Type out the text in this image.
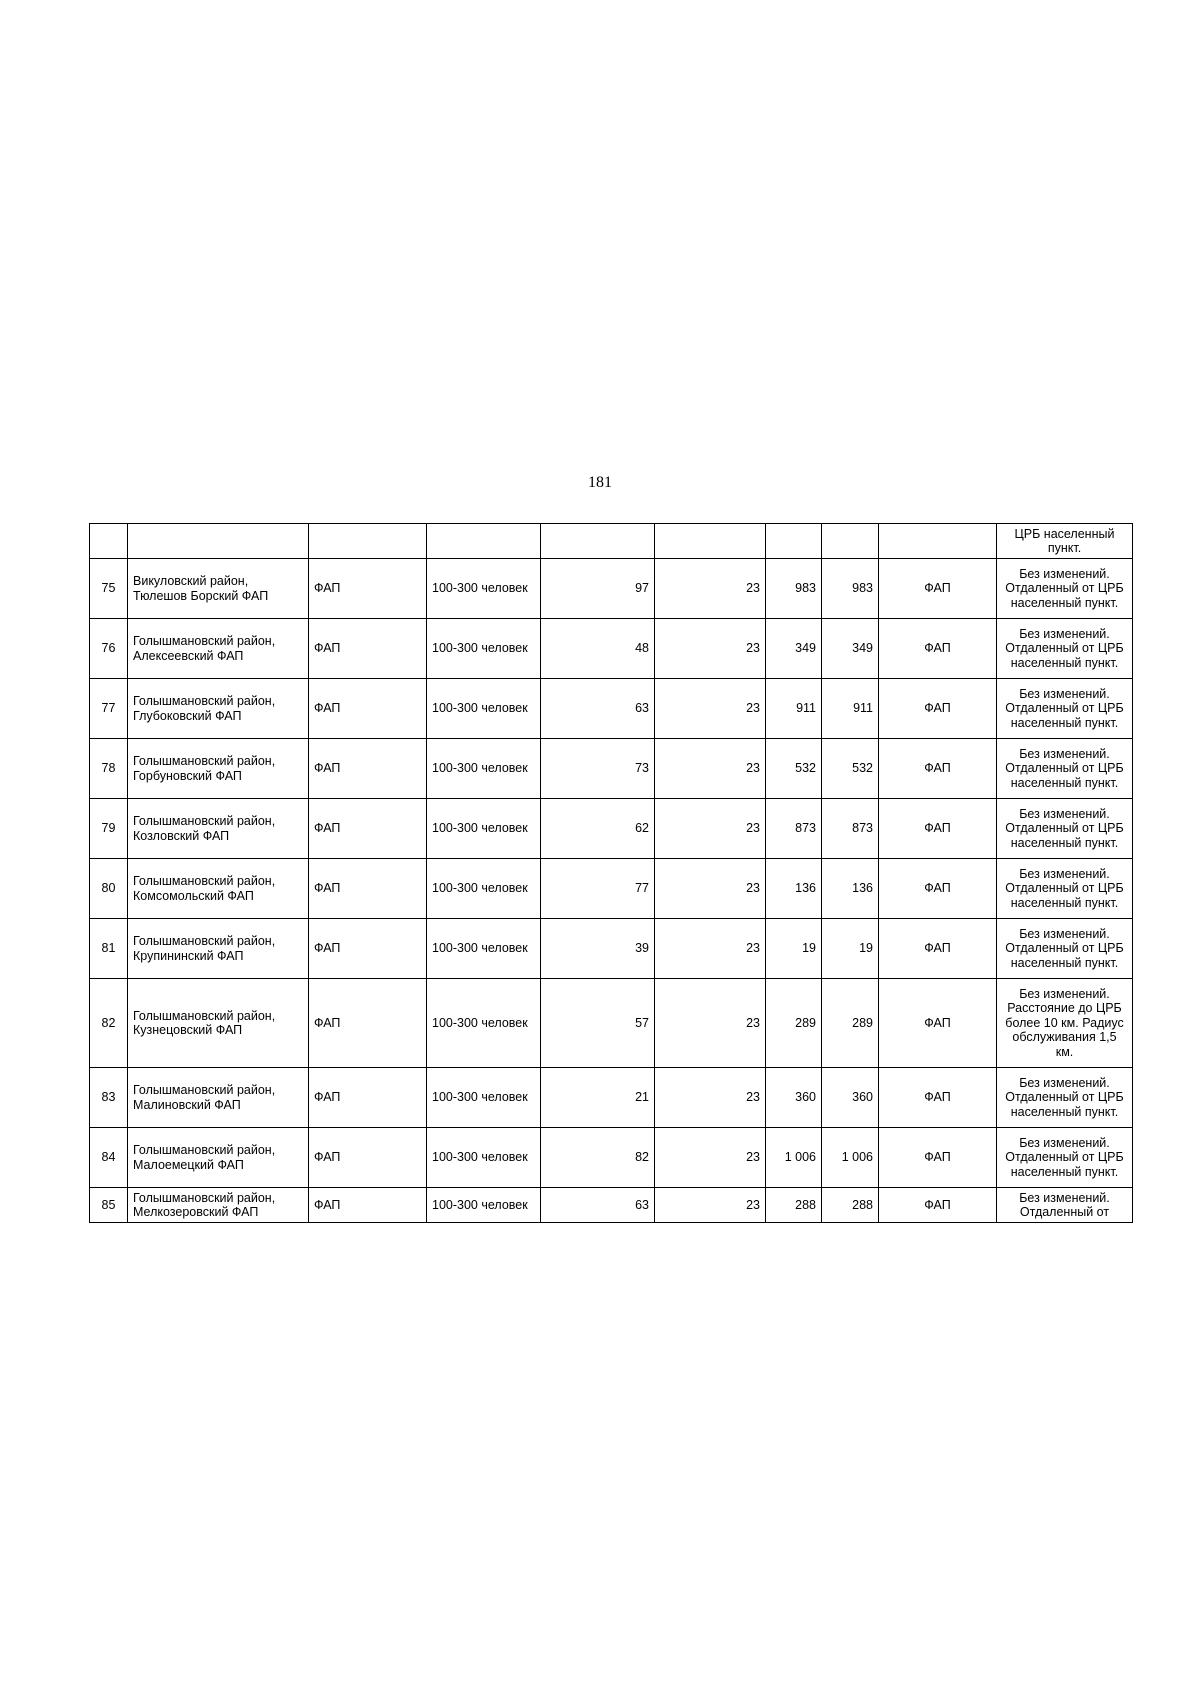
181
									ЦРБ населенный пункт.
75	Викуловский район, Тюлешов Борский ФАП	ФАП	100-300 человек	97	23	983	983	ФАП	Без изменений. Отдаленный от ЦРБ населенный пункт.
76	Голышмановский район, Алексеевский ФАП	ФАП	100-300 человек	48	23	349	349	ФАП	Без изменений. Отдаленный от ЦРБ населенный пункт.
77	Голышмановский район, Глубоковский ФАП	ФАП	100-300 человек	63	23	911	911	ФАП	Без изменений. Отдаленный от ЦРБ населенный пункт.
78	Голышмановский район, Горбуновский ФАП	ФАП	100-300 человек	73	23	532	532	ФАП	Без изменений. Отдаленный от ЦРБ населенный пункт.
79	Голышмановский район, Козловский ФАП	ФАП	100-300 человек	62	23	873	873	ФАП	Без изменений. Отдаленный от ЦРБ населенный пункт.
80	Голышмановский район, Комсомольский ФАП	ФАП	100-300 человек	77	23	136	136	ФАП	Без изменений. Отдаленный от ЦРБ населенный пункт.
81	Голышмановский район, Крупининский ФАП	ФАП	100-300 человек	39	23	19	19	ФАП	Без изменений. Отдаленный от ЦРБ населенный пункт.
82	Голышмановский район, Кузнецовский ФАП	ФАП	100-300 человек	57	23	289	289	ФАП	Без изменений. Расстояние до ЦРБ более 10 км. Радиус обслуживания 1,5 км.
83	Голышмановский район, Малиновский ФАП	ФАП	100-300 человек	21	23	360	360	ФАП	Без изменений. Отдаленный от ЦРБ населенный пункт.
84	Голышмановский район, Малоемецкий ФАП	ФАП	100-300 человек	82	23	1 006	1 006	ФАП	Без изменений. Отдаленный от ЦРБ населенный пункт.
85	Голышмановский район, Мелкозеровский ФАП	ФАП	100-300 человек	63	23	288	288	ФАП	Без изменений. Отдаленный от
